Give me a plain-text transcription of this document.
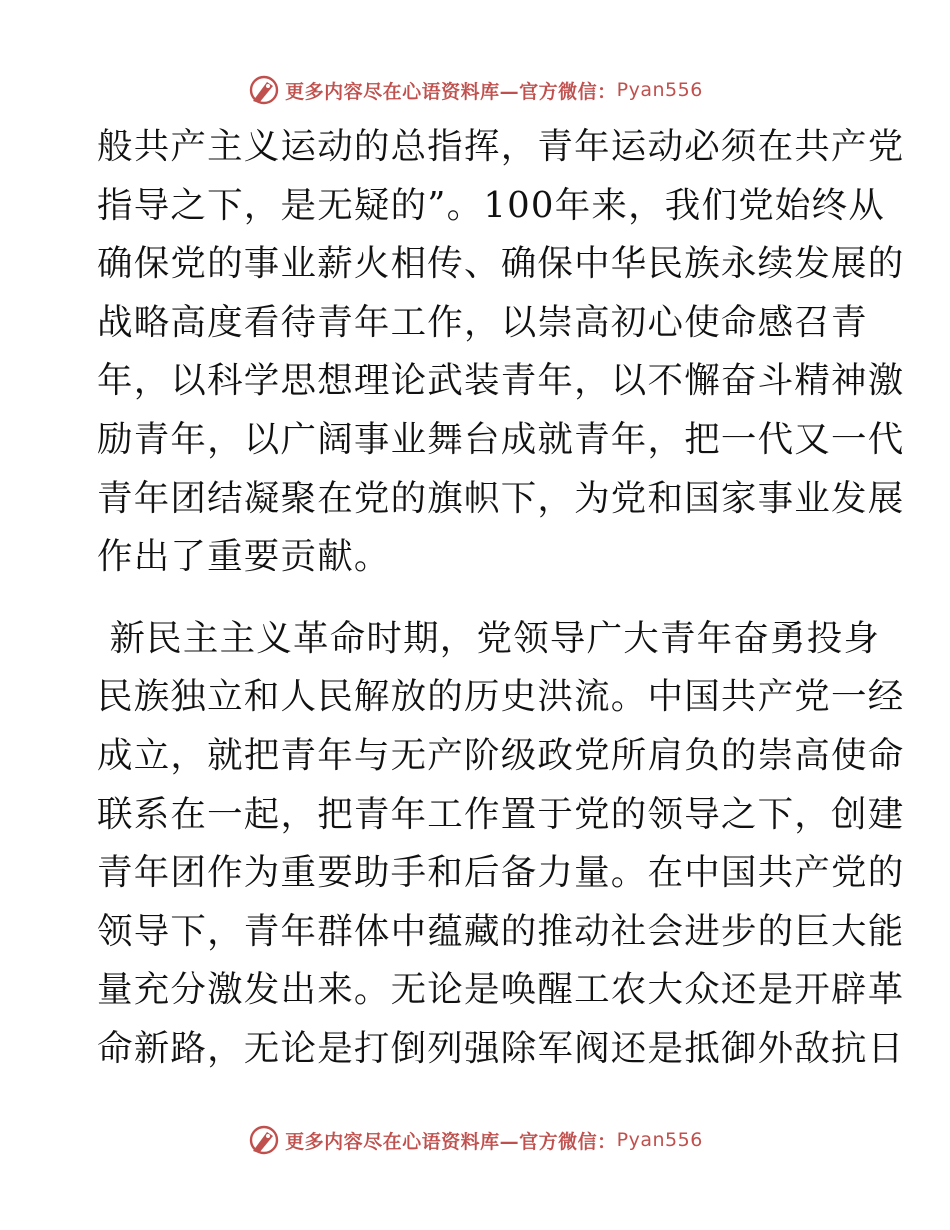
更多内容尽在心语资料库—官方微信： Pyan556
般共产主义运动的总指挥，青年运动必须在共产党
指导之下，是无疑的”。100年来，我们党始终从
确保党的事业薪火相传、确保中华民族永续发展的
战略高度看待青年工作，以崇高初心使命感召青
年，以科学思想理论武装青年，以不懈奋斗精神激
励青年，以广阔事业舞台成就青年，把一代又一代
青年团结凝聚在党的旗帜下，为党和国家事业发展
作出了重要贡献。
新民主主义革命时期，党领导广大青年奋勇投身
民族独立和人民解放的历史洪流。中国共产党一经
成立，就把青年与无产阶级政党所肩负的崇高使命
联系在一起，把青年工作置于党的领导之下，创建
青年团作为重要助手和后备力量。在中国共产党的
领导下，青年群体中蕴藏的推动社会进步的巨大能
量充分激发出来。无论是唤醒工农大众还是开辟革
命新路，无论是打倒列强除军阀还是抵御外敌抗日
更多内容尽在心语资料库—官方微信： Pyan556
